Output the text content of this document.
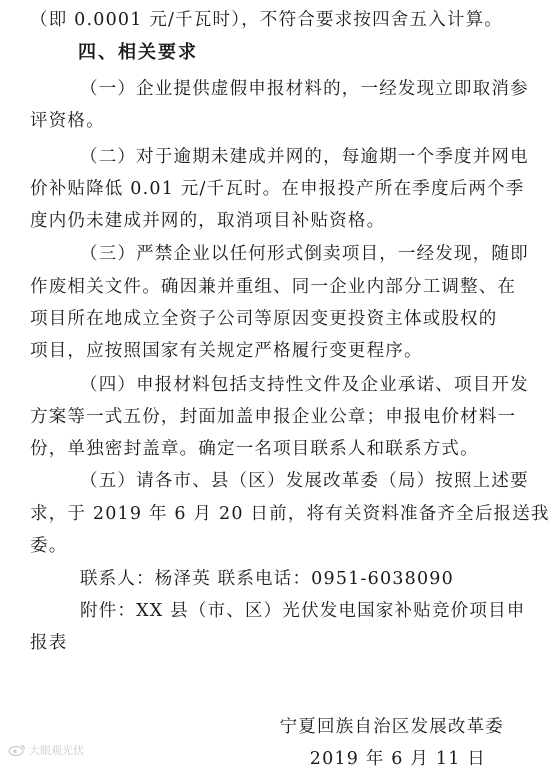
（即 0.0001 元/千瓦时），不符合要求按四舍五入计算。
四、相关要求
（一）企业提供虚假申报材料的，一经发现立即取消参
评资格。
（二）对于逾期未建成并网的，每逾期一个季度并网电
价补贴降低 0.01 元/千瓦时。在申报投产所在季度后两个季
度内仍未建成并网的，取消项目补贴资格。
（三）严禁企业以任何形式倒卖项目，一经发现，随即
作废相关文件。确因兼并重组、同一企业内部分工调整、在
项目所在地成立全资子公司等原因变更投资主体或股权的
项目，应按照国家有关规定严格履行变更程序。
（四）申报材料包括支持性文件及企业承诺、项目开发
方案等一式五份，封面加盖申报企业公章；申报电价材料一
份，单独密封盖章。确定一名项目联系人和联系方式。
（五）请各市、县（区）发展改革委（局）按照上述要
求，于 2019 年 6 月 20 日前，将有关资料准备齐全后报送我
委。
联系人：杨泽英 联系电话：0951-6038090
附件：XX 县（市、区）光伏发电国家补贴竞价项目申
报表
宁夏回族自治区发展改革委
2019 年 6 月 11 日
大眼观光伏
